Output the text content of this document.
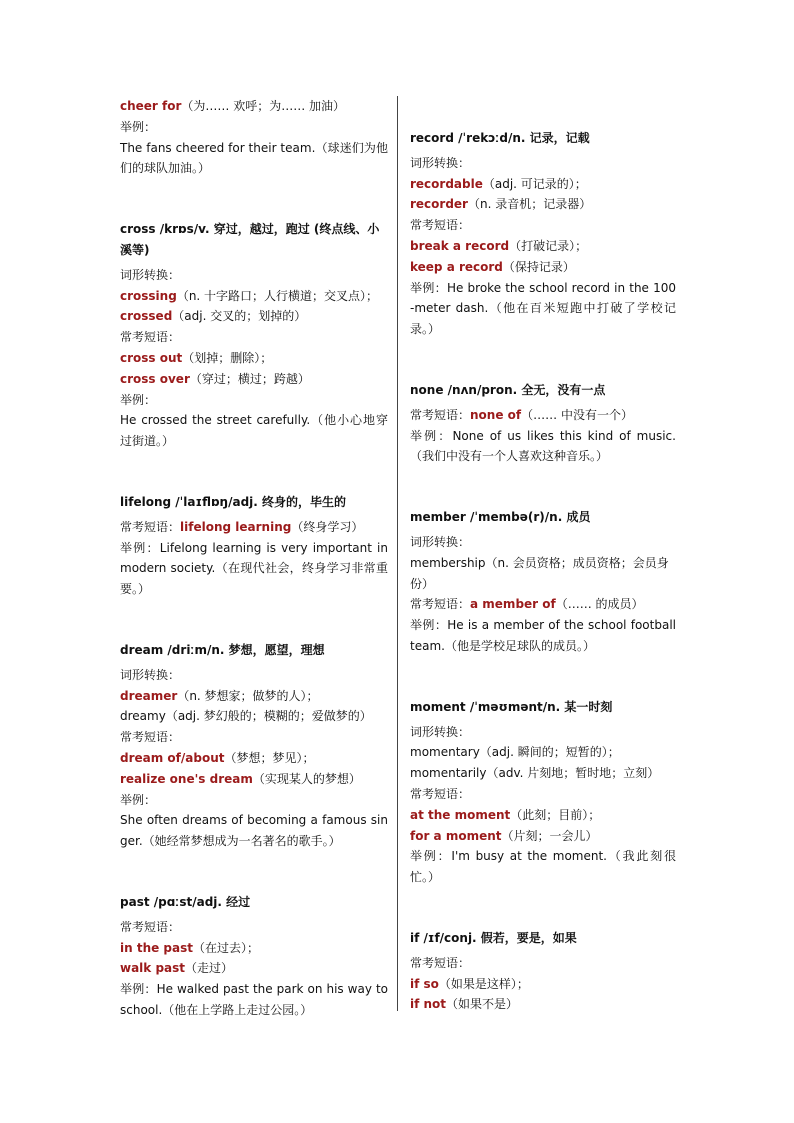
cheer for（为…… 欢呼；为…… 加油）
举例：
The fans cheered for their team.（球迷们为他们的球队加油。）
cross /krɒs/v. 穿过，越过，跑过 (终点线、小溪等)
词形转换：
crossing（n. 十字路口；人行横道；交叉点）；
crossed（adj. 交叉的；划掉的）
常考短语：
cross out（划掉；删除）；
cross over（穿过；横过；跨越）
举例：
He crossed the street carefully.（他小心地穿过街道。）
lifelong /ˈlaɪflɒŋ/adj. 终身的，毕生的
常考短语：lifelong learning（终身学习）
举例：Lifelong learning is very important in modern society.（在现代社会，终身学习非常重要。）
dream /driːm/n. 梦想，愿望，理想
词形转换：
dreamer（n. 梦想家；做梦的人）；
dreamy（adj. 梦幻般的；模糊的；爱做梦的）
常考短语：
dream of/about（梦想；梦见）；
realize one's dream（实现某人的梦想）
举例：
She often dreams of becoming a famous singer.（她经常梦想成为一名著名的歌手。）
past /pɑːst/adj. 经过
常考短语：
in the past（在过去）；
walk past（走过）
举例：He walked past the park on his way to school.（他在上学路上走过公园。）
record /ˈrekɔːd/n. 记录，记载
词形转换：
recordable（adj. 可记录的）；
recorder（n. 录音机；记录器）
常考短语：
break a record（打破记录）；
keep a record（保持记录）
举例：He broke the school record in the 100-meter dash.（他在百米短跑中打破了学校记录。）
none /nʌn/pron. 全无，没有一点
常考短语：none of（…… 中没有一个）
举例：None of us likes this kind of music.（我们中没有一个人喜欢这种音乐。）
member /ˈmembə(r)/n. 成员
词形转换：
membership（n. 会员资格；成员资格；会员身份）
常考短语：a member of（…… 的成员）
举例：He is a member of the school football team.（他是学校足球队的成员。）
moment /ˈməʊmənt/n. 某一时刻
词形转换：
momentary（adj. 瞬间的；短暂的）；
momentarily（adv. 片刻地；暂时地；立刻）
常考短语：
at the moment（此刻；目前）；
for a moment（片刻；一会儿）
举例：I'm busy at the moment.（我此刻很忙。）
if /ɪf/conj. 假若，要是，如果
常考短语：
if so（如果是这样）；
if not（如果不是）
